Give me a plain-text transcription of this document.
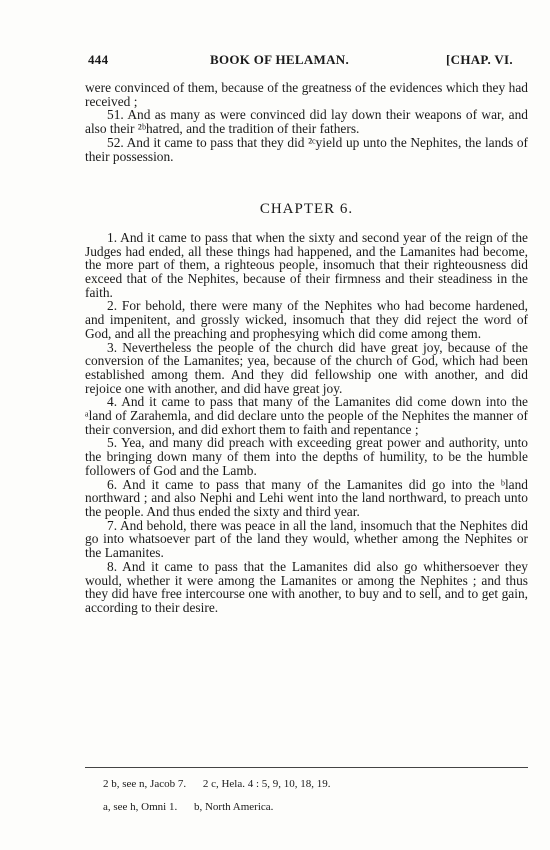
444	BOOK OF HELAMAN.	[CHAP. VI.

were convinced of them, because of the greatness of the evidences which they had received ;

51. And as many as were convinced did lay down their weapons of war, and also their ²ᵇhatred, and the tradition of their fathers.

52. And it came to pass that they did ²ᶜyield up unto the Nephites, the lands of their possession.

CHAPTER 6.

1. And it came to pass that when the sixty and second year of the reign of the Judges had ended, all these things had happened, and the Lamanites had become, the more part of them, a righteous people, insomuch that their righteousness did exceed that of the Nephites, because of their firmness and their steadiness in the faith.

2. For behold, there were many of the Nephites who had become hardened, and impenitent, and grossly wicked, insomuch that they did reject the word of God, and all the preaching and prophesying which did come among them.

3. Nevertheless the people of the church did have great joy, because of the conversion of the Lamanites; yea, because of the church of God, which had been established among them. And they did fellowship one with another, and did rejoice one with another, and did have great joy.

4. And it came to pass that many of the Lamanites did come down into the ᵃland of Zarahemla, and did declare unto the people of the Nephites the manner of their conversion, and did exhort them to faith and repentance ;

5. Yea, and many did preach with exceeding great power and authority, unto the bringing down many of them into the depths of humility, to be the humble followers of God and the Lamb.

6. And it came to pass that many of the Lamanites did go into the ᵇland northward ; and also Nephi and Lehi went into the land northward, to preach unto the people. And thus ended the sixty and third year.

7. And behold, there was peace in all the land, insomuch that the Nephites did go into whatsoever part of the land they would, whether among the Nephites or the Lamanites.

8. And it came to pass that the Lamanites did also go whithersoever they would, whether it were among the Lamanites or among the Nephites ; and thus they did have free intercourse one with another, to buy and to sell, and to get gain, according to their desire.

2 b, see n, Jacob 7. 2 c, Hela. 4 : 5, 9, 10, 18, 19.
a, see h, Omni 1. b, North America.
